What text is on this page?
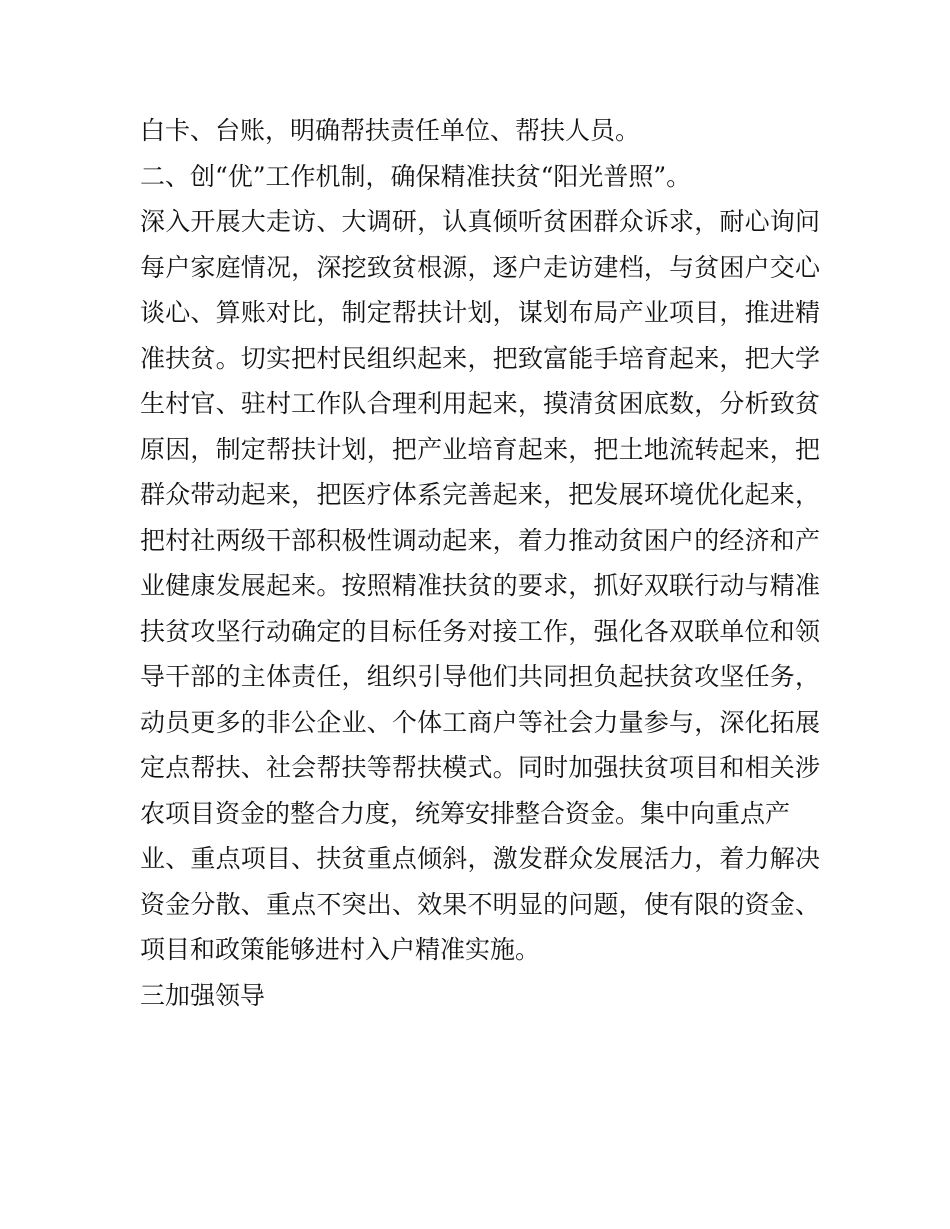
白卡、台账，明确帮扶责任单位、帮扶人员。
二、创“优”工作机制，确保精准扶贫“阳光普照”。
深入开展大走访、大调研，认真倾听贫困群众诉求，耐心询问
每户家庭情况，深挖致贫根源，逐户走访建档，与贫困户交心
谈心、算账对比，制定帮扶计划，谋划布局产业项目，推进精
准扶贫。切实把村民组织起来，把致富能手培育起来，把大学
生村官、驻村工作队合理利用起来，摸清贫困底数，分析致贫
原因，制定帮扶计划，把产业培育起来，把土地流转起来，把
群众带动起来，把医疗体系完善起来，把发展环境优化起来，
把村社两级干部积极性调动起来，着力推动贫困户的经济和产
业健康发展起来。按照精准扶贫的要求，抓好双联行动与精准
扶贫攻坚行动确定的目标任务对接工作，强化各双联单位和领
导干部的主体责任，组织引导他们共同担负起扶贫攻坚任务，
动员更多的非公企业、个体工商户等社会力量参与，深化拓展
定点帮扶、社会帮扶等帮扶模式。同时加强扶贫项目和相关涉
农项目资金的整合力度，统筹安排整合资金。集中向重点产
业、重点项目、扶贫重点倾斜，激发群众发展活力，着力解决
资金分散、重点不突出、效果不明显的问题，使有限的资金、
项目和政策能够进村入户精准实施。
三加强领导
